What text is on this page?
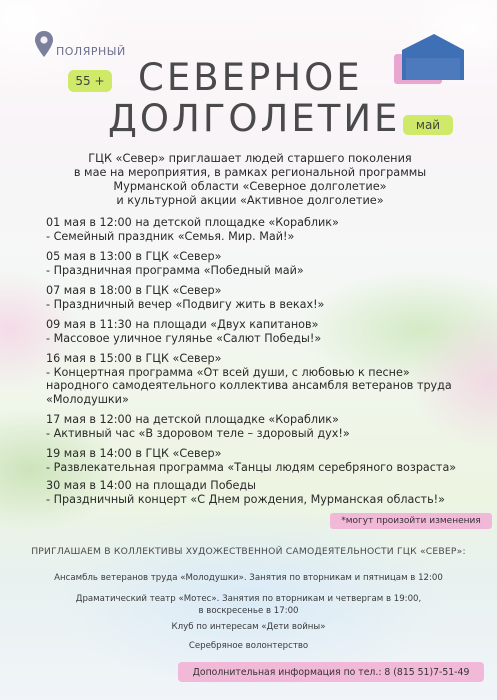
ПОЛЯРНЫЙ
55 + СЕВЕРНОЕ
ДОЛГОЛЕТИЕ	май
ГЦК «Север» приглашает людей старшего поколения
в мае на мероприятия, в рамках региональной программы
Мурманской области «Северное долголетие»
и культурной акции «Активное долголетие»
01 мая в 12:00 на детской площадке «Кораблик»
- Семейный праздник «Семья. Мир. Май!»
05 мая в 13:00 в ГЦК «Север»
- Праздничная программа «Победный май»
07 мая в 18:00 в ГЦК «Север»
- Праздничный вечер «Подвигу жить в веках!»
09 мая в 11:30 на площади «Двух капитанов»
- Массовое уличное гулянье «Салют Победы!»
16 мая в 15:00 в ГЦК «Север»
- Концертная программа «От всей души, с любовью к песне»
народного самодеятельного коллектива ансамбля ветеранов труда
«Молодушки»
17 мая в 12:00 на детской площадке «Кораблик»
- Активный час «В здоровом теле – здоровый дух!»
19 мая в 14:00 в ГЦК «Север»
- Развлекательная программа «Танцы людям серебряного возраста»
30 мая в 14:00 на площади Победы
- Праздничный концерт «С Днем рождения, Мурманская область!»
*могут произойти изменения
ПРИГЛАШАЕМ В КОЛЛЕКТИВЫ ХУДОЖЕСТВЕННОЙ САМОДЕЯТЕЛЬНОСТИ ГЦК «СЕВЕР»:
Ансамбль ветеранов труда «Молодушки». Занятия по вторникам и пятницам в 12:00
Драматический театр «Мотес». Занятия по вторникам и четвергам в 19:00,
в воскресенье в 17:00
Клуб по интересам «Дети войны»
Серебряное волонтерство
Дополнительная информация по тел.: 8 (815 51)7-51-49
